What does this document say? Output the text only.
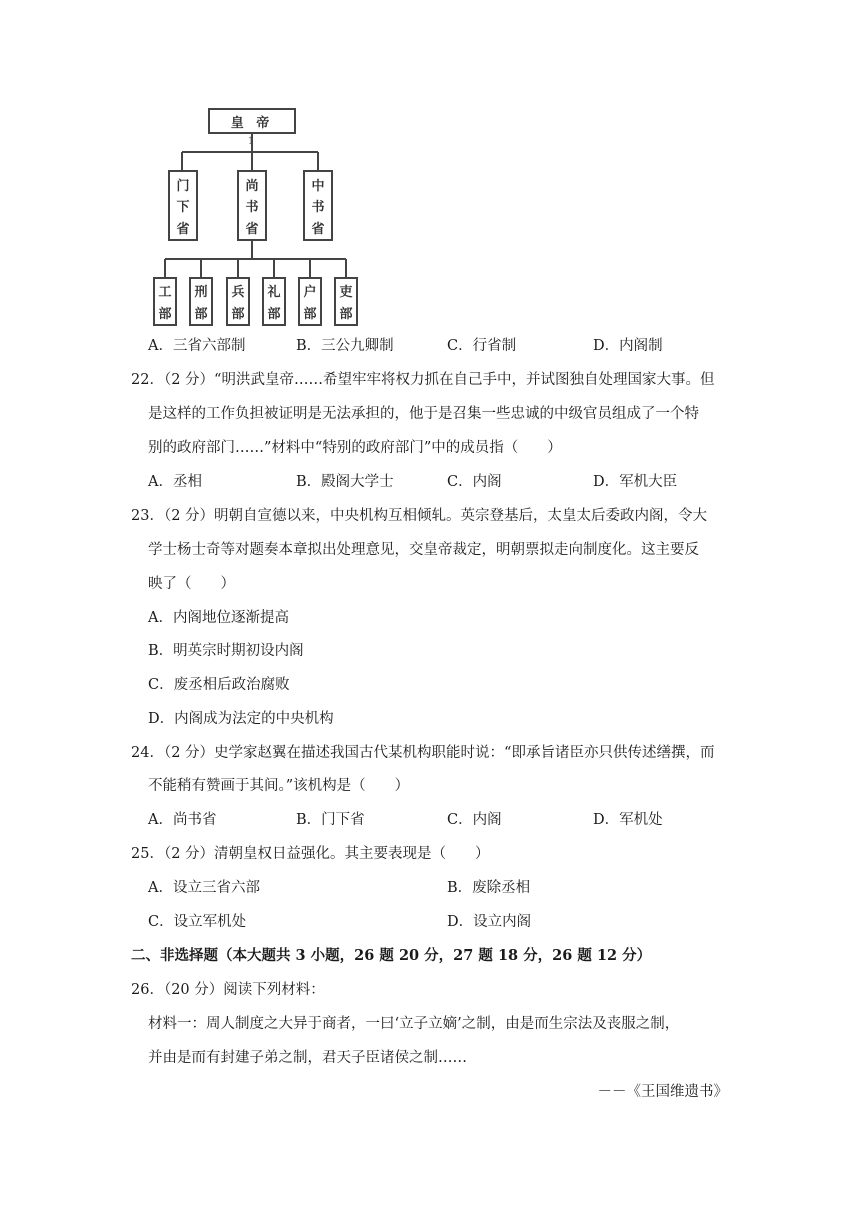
1
皇 帝
门
下
省
尚
书
省
中
书
省
工
部
刑
部
兵
部
礼
部
户
部
吏
部
A．三省六部制	B．三公九卿制	C．行省制	D．内阁制
22．（2 分）“明洪武皇帝……希望牢牢将权力抓在自己手中，并试图独自处理国家大事。但
是这样的工作负担被证明是无法承担的，他于是召集一些忠诚的中级官员组成了一个特
别的政府部门……”材料中“特别的政府部门”中的成员指（　　）
A．丞相	B．殿阁大学士	C．内阁	D．军机大臣
23．（2 分）明朝自宣德以来，中央机构互相倾轧。英宗登基后，太皇太后委政内阁，令大
学士杨士奇等对题奏本章拟出处理意见，交皇帝裁定，明朝票拟走向制度化。这主要反
映了（　　）
A．内阁地位逐渐提高
B．明英宗时期初设内阁
C．废丞相后政治腐败
D．内阁成为法定的中央机构
24．（2 分）史学家赵翼在描述我国古代某机构职能时说：“即承旨诸臣亦只供传述缮撰，而
不能稍有赞画于其间。”该机构是（　　）
A．尚书省	B．门下省	C．内阁	D．军机处
25．（2 分）清朝皇权日益强化。其主要表现是（　　）
A．设立三省六部	B．废除丞相
C．设立军机处	D．设立内阁
二、非选择题（本大题共 3 小题，26 题 20 分，27 题 18 分，26 题 12 分）
26．（20 分）阅读下列材料：
材料一：周人制度之大异于商者，一曰‘立子立嫡’之制，由是而生宗法及丧服之制，
并由是而有封建子弟之制，君天子臣诸侯之制……
－－《王国维遗书》
